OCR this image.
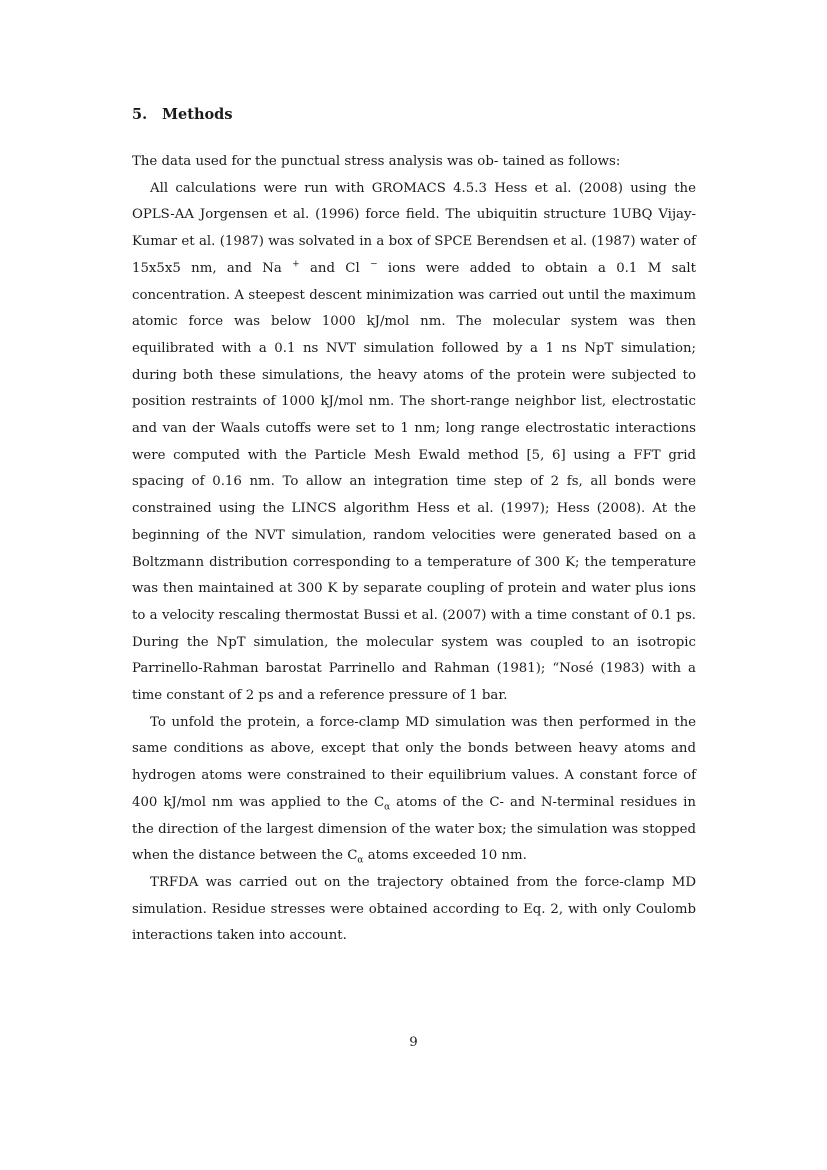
5. Methods

The data used for the punctual stress analysis was ob- tained as follows:

All calculations were run with GROMACS 4.5.3 Hess et al. (2008) using the OPLS-AA Jorgensen et al. (1996) force field. The ubiquitin structure 1UBQ Vijay-Kumar et al. (1987) was solvated in a box of SPCE Berendsen et al. (1987) water of 15x5x5 nm, and Na + and Cl − ions were added to obtain a 0.1 M salt concentration. A steepest descent minimization was carried out until the maximum atomic force was below 1000 kJ/mol nm. The molecular system was then equilibrated with a 0.1 ns NVT simulation followed by a 1 ns NpT simulation; during both these simulations, the heavy atoms of the protein were subjected to position restraints of 1000 kJ/mol nm. The short-range neighbor list, electrostatic and van der Waals cutoffs were set to 1 nm; long range electrostatic interactions were computed with the Particle Mesh Ewald method [5, 6] using a FFT grid spacing of 0.16 nm. To allow an integration time step of 2 fs, all bonds were constrained using the LINCS algorithm Hess et al. (1997); Hess (2008). At the beginning of the NVT simulation, random velocities were generated based on a Boltzmann distribution corresponding to a temperature of 300 K; the temperature was then maintained at 300 K by separate coupling of protein and water plus ions to a velocity rescaling thermostat Bussi et al. (2007) with a time constant of 0.1 ps. During the NpT simulation, the molecular system was coupled to an isotropic Parrinello-Rahman barostat Parrinello and Rahman (1981); “Nosé (1983) with a time constant of 2 ps and a reference pressure of 1 bar.

To unfold the protein, a force-clamp MD simulation was then performed in the same conditions as above, except that only the bonds between heavy atoms and hydrogen atoms were constrained to their equilibrium values. A constant force of 400 kJ/mol nm was applied to the $C_\alpha$ atoms of the C- and N-terminal residues in the direction of the largest dimension of the water box; the simulation was stopped when the distance between the $C_\alpha$ atoms exceeded 10 nm.

TRFDA was carried out on the trajectory obtained from the force-clamp MD simulation. Residue stresses were obtained according to Eq. 2, with only Coulomb interactions taken into account.

9
